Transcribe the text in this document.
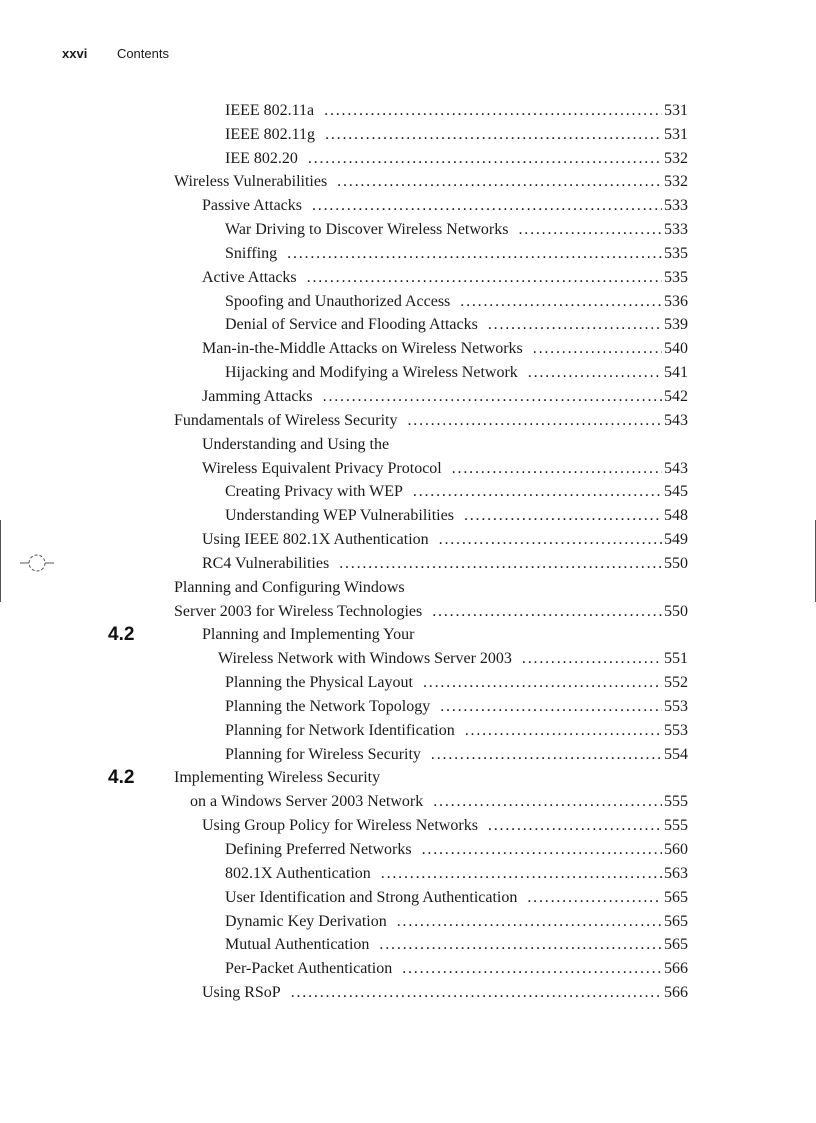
xxvi Contents
IEEE 802.11a .....	531
IEEE 802.11g .....	531
IEE 802.20 .....	532
Wireless Vulnerabilities .....	532
Passive Attacks .....	533
War Driving to Discover Wireless Networks .....	533
Sniffing .....	535
Active Attacks .....	535
Spoofing and Unauthorized Access .....	536
Denial of Service and Flooding Attacks .....	539
Man-in-the-Middle Attacks on Wireless Networks .....	540
Hijacking and Modifying a Wireless Network .....	541
Jamming Attacks .....	542
Fundamentals of Wireless Security .....	543
Understanding and Using the
Wireless Equivalent Privacy Protocol .....	543
Creating Privacy with WEP .....	545
Understanding WEP Vulnerabilities .....	548
Using IEEE 802.1X Authentication .....	549
RC4 Vulnerabilities .....	550
Planning and Configuring Windows
Server 2003 for Wireless Technologies .....	550
4.2	Planning and Implementing Your
Wireless Network with Windows Server 2003 .....	551
Planning the Physical Layout .....	552
Planning the Network Topology .....	553
Planning for Network Identification .....	553
Planning for Wireless Security .....	554
4.2 Implementing Wireless Security
on a Windows Server 2003 Network .....	555
Using Group Policy for Wireless Networks .....	555
Defining Preferred Networks .....	560
802.1X Authentication .....	563
User Identification and Strong Authentication .....	565
Dynamic Key Derivation .....	565
Mutual Authentication .....	565
Per-Packet Authentication .....	566
Using RSoP .....	566
